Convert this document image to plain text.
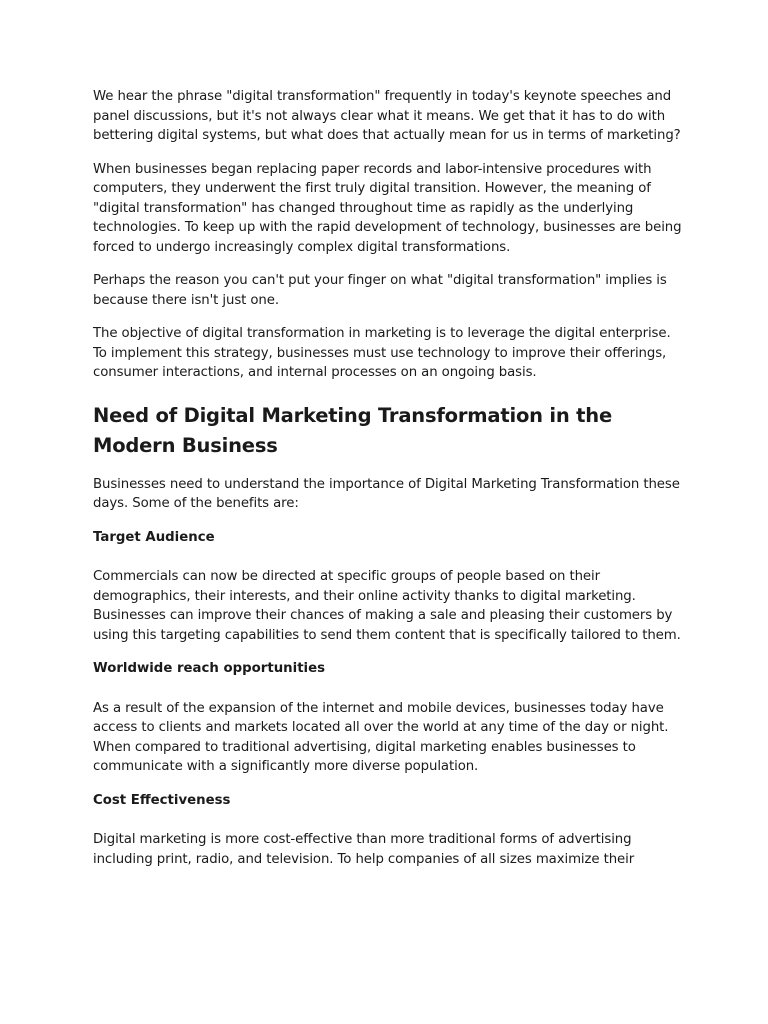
We hear the phrase "digital transformation" frequently in today's keynote speeches and panel discussions, but it's not always clear what it means. We get that it has to do with bettering digital systems, but what does that actually mean for us in terms of marketing?

When businesses began replacing paper records and labor-intensive procedures with computers, they underwent the first truly digital transition. However, the meaning of "digital transformation" has changed throughout time as rapidly as the underlying technologies. To keep up with the rapid development of technology, businesses are being forced to undergo increasingly complex digital transformations.

Perhaps the reason you can't put your finger on what "digital transformation" implies is because there isn't just one.

The objective of digital transformation in marketing is to leverage the digital enterprise. To implement this strategy, businesses must use technology to improve their offerings, consumer interactions, and internal processes on an ongoing basis.

Need of Digital Marketing Transformation in the Modern Business

Businesses need to understand the importance of Digital Marketing Transformation these days. Some of the benefits are:

Target Audience

Commercials can now be directed at specific groups of people based on their demographics, their interests, and their online activity thanks to digital marketing. Businesses can improve their chances of making a sale and pleasing their customers by using this targeting capabilities to send them content that is specifically tailored to them.

Worldwide reach opportunities

As a result of the expansion of the internet and mobile devices, businesses today have access to clients and markets located all over the world at any time of the day or night. When compared to traditional advertising, digital marketing enables businesses to communicate with a significantly more diverse population.

Cost Effectiveness

Digital marketing is more cost-effective than more traditional forms of advertising including print, radio, and television. To help companies of all sizes maximize their
